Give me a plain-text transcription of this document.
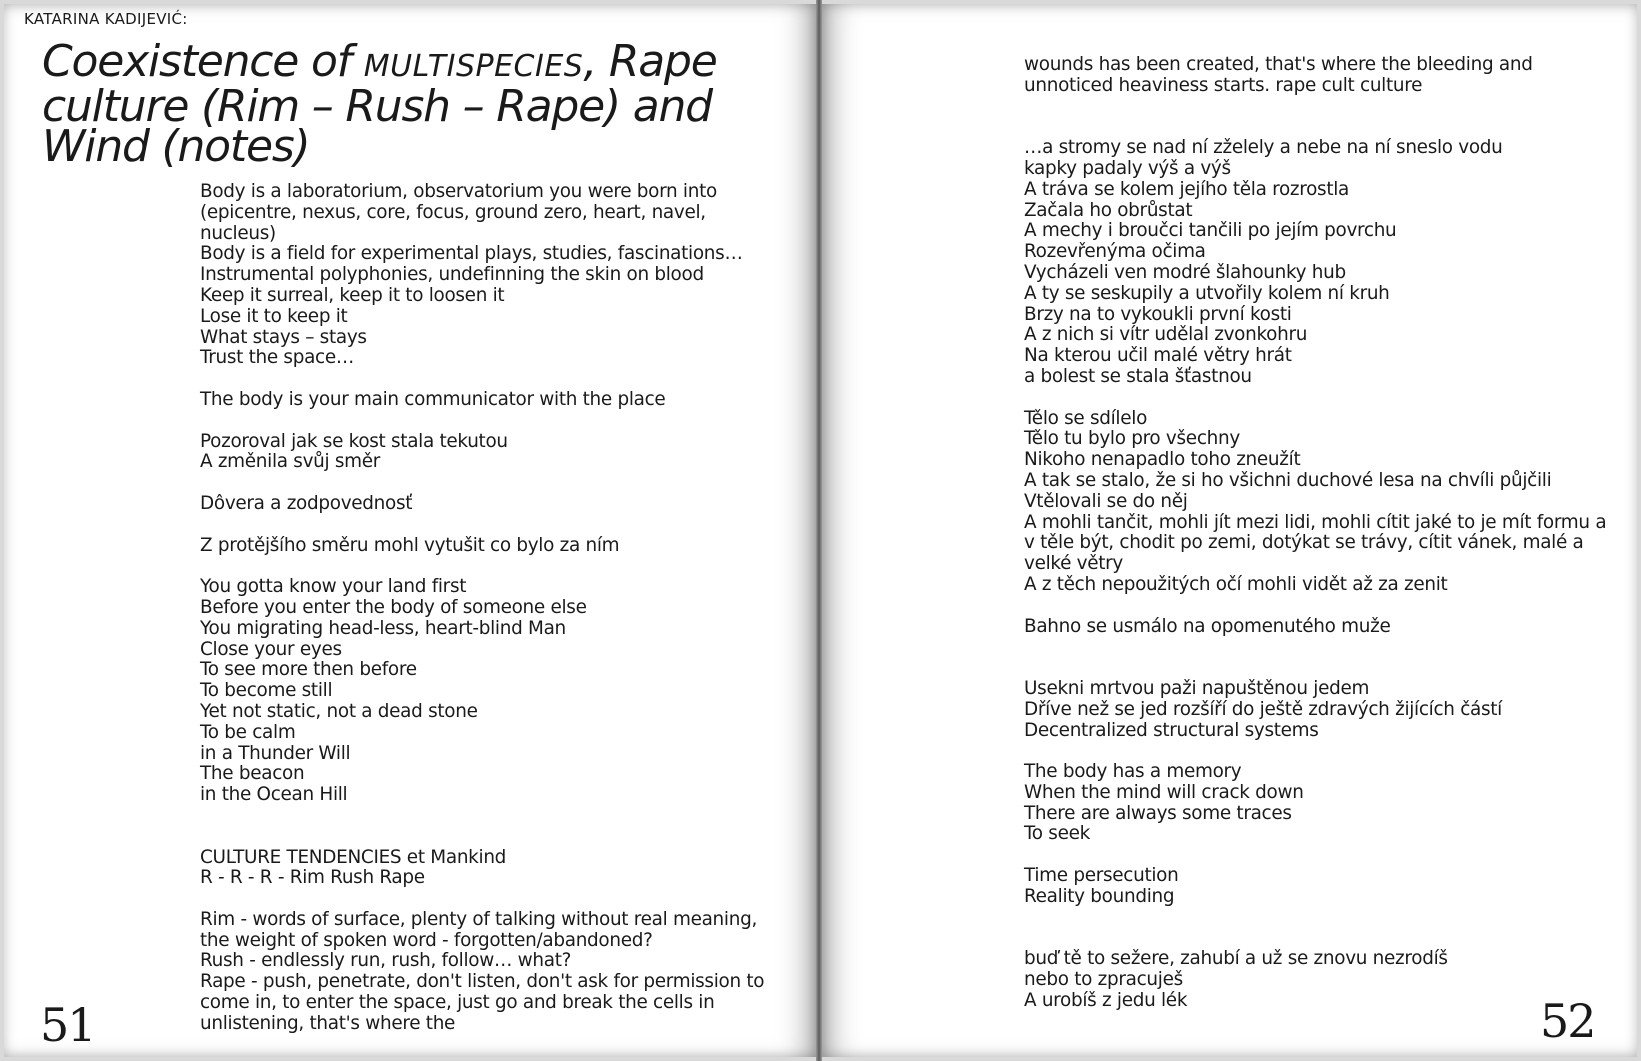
KATARINA KADIJEVIĆ:
Coexistence of MULTISPECIES, Rape culture (Rim – Rush – Rape) and Wind (notes)
Body is a laboratorium, observatorium you were born into (epicentre, nexus, core, focus, ground zero, heart, navel, nucleus)
Body is a field for experimental plays, studies, fascinations…
Instrumental polyphonies, undefinning the skin on blood
Keep it surreal, keep it to loosen it
Lose it to keep it
What stays – stays
Trust the space…

The body is your main communicator with the place

Pozoroval jak se kost stala tekutou
A změnila svůj směr

Dôvera a zodpovednosť

Z protějšího směru mohl vytušit co bylo za ním

You gotta know your land first
Before you enter the body of someone else
You migrating head-less, heart-blind Man
Close your eyes
To see more then before
To become still
Yet not static, not a dead stone
To be calm
in a Thunder Will
The beacon
in the Ocean Hill

CULTURE TENDENCIES et Mankind
R - R - R - Rim Rush Rape

Rim - words of surface, plenty of talking without real meaning, the weight of spoken word - forgotten/abandoned?
Rush - endlessly run, rush, follow… what?
Rape - push, penetrate, don't listen, don't ask for permission to come in, to enter the space, just go and break the cells in unlistening, that's where the
51
wounds has been created, that's where the bleeding and unnoticed heaviness starts. rape cult culture

…a stromy se nad ní zželely a nebe na ní sneslo vodu
kapky padaly výš a výš
A tráva se kolem jejího těla rozrostla
Začala ho obrůstat
A mechy i broučci tančili po jejím povrchu
Rozevřenýma očima
Vycházeli ven modré šlahounky hub
A ty se seskupily a utvořily kolem ní kruh
Brzy na to vykoukli první kosti
A z nich si vítr udělal zvonkohru
Na kterou učil malé větry hrát
a bolest se stala šťastnou

Tělo se sdílelo
Tělo tu bylo pro všechny
Nikoho nenapadlo toho zneužít
A tak se stalo, že si ho všichni duchové lesa na chvíli půjčili
Vtělovali se do něj
A mohli tančit, mohli jít mezi lidi, mohli cítit jaké to je mít formu a v těle být, chodit po zemi, dotýkat se trávy, cítit vánek, malé a velké větry
A z těch nepoužitých očí mohli vidět až za zenit

Bahno se usmálo na opomenutého muže

Usekni mrtvou paži napuštěnou jedem
Dříve než se jed rozšíří do ještě zdravých žijících částí
Decentralized structural systems

The body has a memory
When the mind will crack down
There are always some traces
To seek

Time persecution
Reality bounding

buď tě to sežere, zahubí a už se znovu nezrodíš
nebo to zpracuješ
A urobíš z jedu lék	52
